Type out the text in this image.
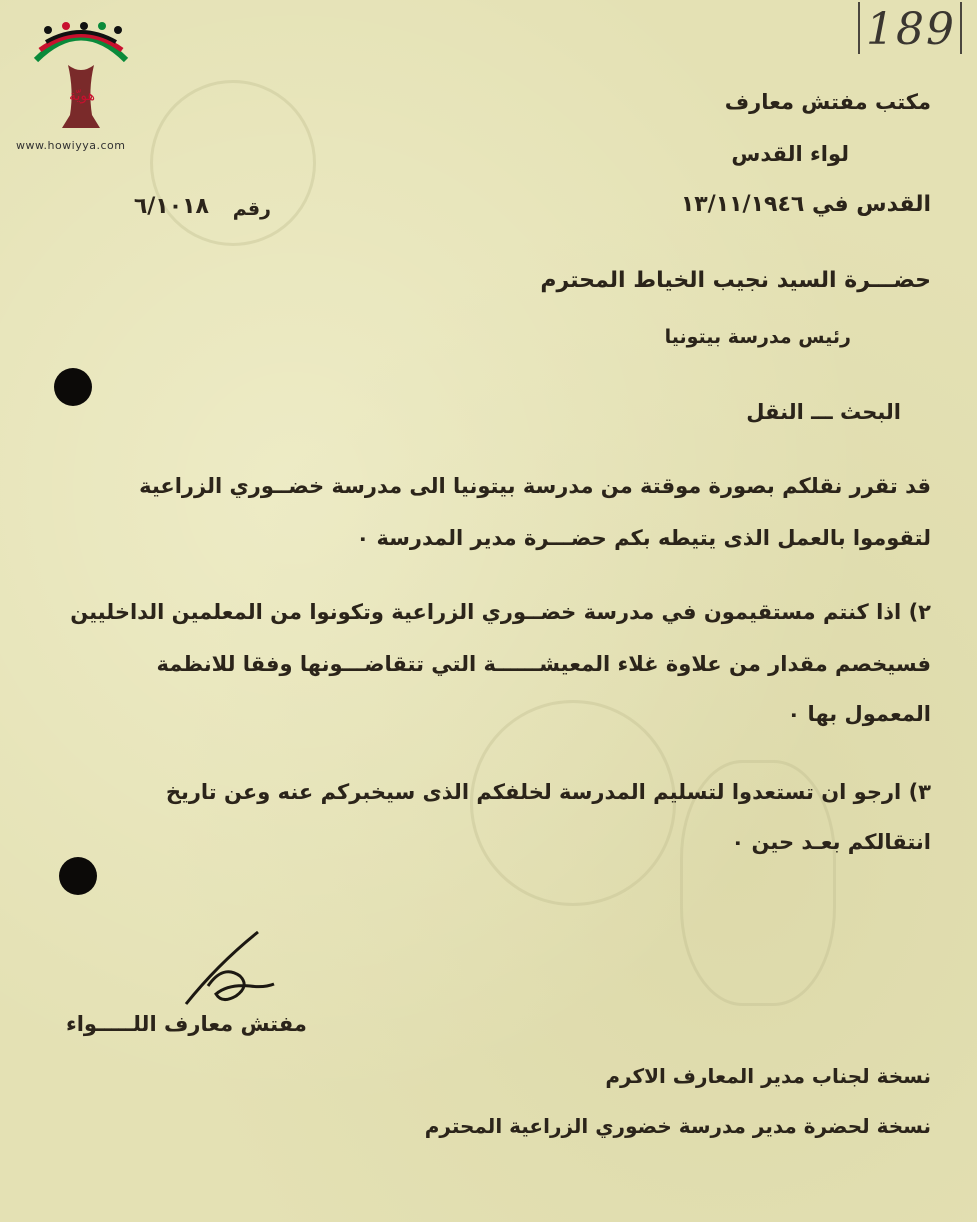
هويّة
www.howiyya.com
189
مكتب مفتش معارف
لواء القدس
القدس في ١٣/١١/١٩٤٦
رقم
٦/١٠١٨
حضـــرة السيد نجيب الخياط المحترم
رئيس مدرسة بيتونيا
البحث ـــ النقل
قد تقرر نقلكم بصورة موقتة من مدرسة بيتونيا الى مدرسة خضــوري الزراعية
لتقوموا بالعمل الذى يتيطه بكم حضـــرة مدير المدرسة ٠
٢) اذا كنتم مستقيمون في مدرسة خضــوري الزراعية وتكونوا من المعلمين الداخليين
فسيخصم مقدار من علاوة غلاء المعيشــــــة التي تتقاضـــونها وفقا للانظمة
المعمول بها ٠
٣) ارجو ان تستعدوا لتسليم المدرسة لخلفكم الذى سيخبركم عنه وعن تاريخ
انتقالكم بعـد حين ٠
مفتش معارف اللـــــواء
نسخة لجناب مدير المعارف الاكرم
نسخة لحضرة مدير مدرسة خضوري الزراعية المحترم
